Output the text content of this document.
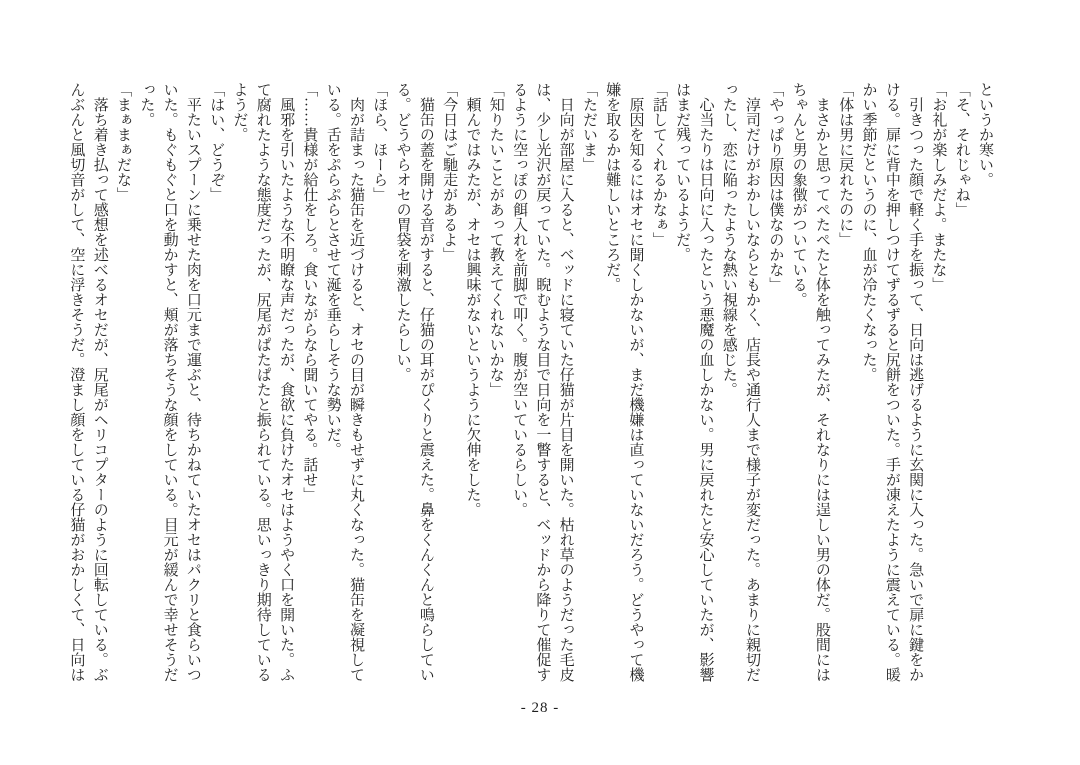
というか寒い。
「そ、それじゃね」
「お礼が楽しみだよ。またな」
　引きつった顔で軽く手を振って、日向は逃げるように玄関に入った。急いで扉に鍵をか
ける。扉に背中を押しつけてずるずると尻餅をついた。手が凍えたように震えている。暖
かい季節だというのに、血が冷たくなった。
「体は男に戻れたのに」
　まさかと思ってぺたぺたと体を触ってみたが、それなりには逞しい男の体だ。股間には
ちゃんと男の象徴がついている。
「やっぱり原因は僕なのかな」
　淳司だけがおかしいならともかく、店長や通行人まで様子が変だった。あまりに親切だ
ったし、恋に陥ったような熱い視線を感じた。
　心当たりは日向に入ったという悪魔の血しかない。男に戻れたと安心していたが、影響
はまだ残っているようだ。
「話してくれるかなぁ」
　原因を知るにはオセに聞くしかないが、まだ機嫌は直っていないだろう。どうやって機
嫌を取るかは難しいところだ。
「ただいま」
　日向が部屋に入ると、ベッドに寝ていた仔猫が片目を開いた。枯れ草のようだった毛皮
は、少し光沢が戻っていた。睨むような目で日向を一瞥すると、ベッドから降りて催促す
るように空っぽの餌入れを前脚で叩く。腹が空いているらしい。
「知りたいことがあって教えてくれないかな」
　頼んではみたが、オセは興味がないというように欠伸をした。
「今日はご馳走があるよ」
　猫缶の蓋を開ける音がすると、仔猫の耳がぴくりと震えた。鼻をくんくんと鳴らしてい
る。どうやらオセの胃袋を刺激したらしい。
「ほら、ほーら」
　肉が詰まった猫缶を近づけると、オセの目が瞬きもせずに丸くなった。猫缶を凝視して
いる。舌をぷらぷらとさせて涎を垂らしそうな勢いだ。
「……貴様が給仕をしろ。食いながらなら聞いてやる。話せ」
　風邪を引いたような不明瞭な声だったが、食欲に負けたオセはようやく口を開いた。ふ
て腐れたような態度だったが、尻尾がぱたぱたと振られている。思いっきり期待している
ようだ。
「はい、どうぞ」
　平たいスプーンに乗せた肉を口元まで運ぶと、待ちかねていたオセはパクリと食らいつ
いた。もぐもぐと口を動かすと、頬が落ちそうな顔をしている。目元が緩んで幸せそうだ
った。
「まぁまぁだな」
　落ち着き払って感想を述べるオセだが、尻尾がヘリコプターのように回転している。ぶ
んぶんと風切音がして、空に浮きそうだ。澄まし顔をしている仔猫がおかしくて、日向は
- 28 -
